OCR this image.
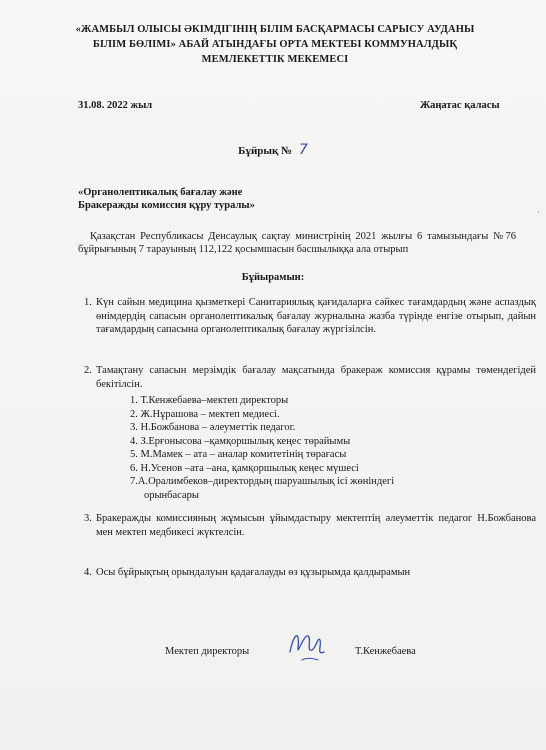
«ЖАМБЫЛ ОЛЫСЫ ӘКІМДІГІНІҢ БІЛІМ БАСҚАРМАСЫ САРЫСУ АУДАНЫ
БІЛІМ БӨЛІМІ» АБАЙ АТЫНДАҒЫ ОРТА МЕКТЕБІ КОММУНАЛДЫҚ
МЕМЛЕКЕТТІК МЕКЕМЕСІ
31.08. 2022 жыл	Жаңатас қаласы
Бұйрық № 7
«Органолептикалық бағалау және
Бракеражды комиссия құру туралы»
Қазақстан Республикасы Денсаулық сақтау министрінің 2021 жылғы 6 тамызындағы №76 бұйрығының 7 тарауының 112,122 қосымшасын басшылыққа ала отырып
Бұйырамын:
1. Күн сайын медицина қызметкері Санитариялық қағидаларға сәйкес тағамдардың және аспаздық өнімдердің сапасын органолептикалық бағалау журналына жазба түрінде енгізе отырып, дайын тағамдардың сапасына органолептикалық бағалау жүргізілсін.
2. Тамақтану сапасын мерзімдік бағалау мақсатында бракераж комиссия құрамы төмендегідей бекітілсін.
1. Т.Кенжебаева–мектеп директоры
2. Ж.Нұрашова – мектеп медиесі.
3. Н.Божбанова – әлеуметтік педагог.
4. З.Ерғонысова –қамқоршылық кеңес төрайымы
5. М.Мамек – ата – аналар комитетінің төрағасы
6. Н.Усенов –ата –ана, қамқоршылық кеңес мүшесі
7.А.Оралимбеков–директордың шаруашылық ісі жөніндегі
орынбасары
3. Бракеражды комиссияның жұмысын ұйымдастыру мектептің әлеуметтік педагог Н.Божбанова мен мектеп медбикесі жүктелсін.
4. Осы бұйрықтың орындалуын қадағалауды өз құзырымда қалдырамын
Мектеп директоры	Т.Кенжебаева
ˈ
